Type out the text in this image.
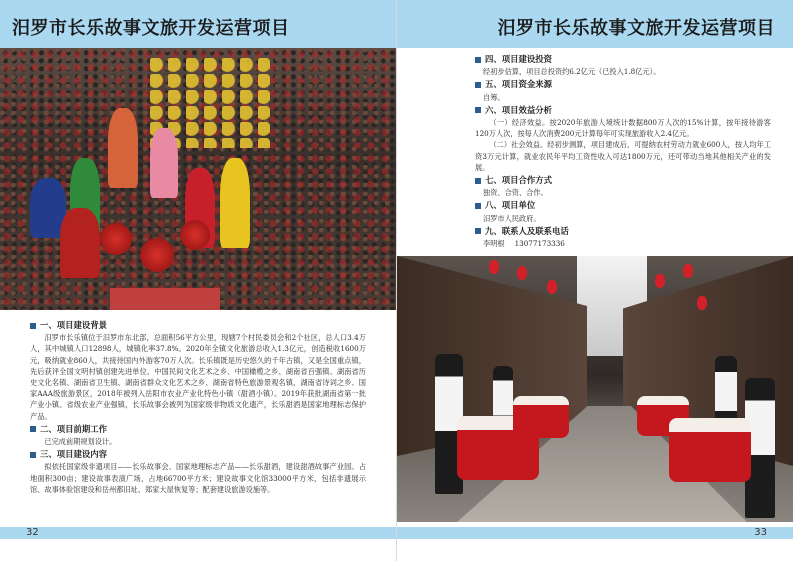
汨罗市长乐故事文旅开发运营项目
一、项目建设背景

汨罗市长乐镇位于汨罗市东北部，总面积56平方公里，现辖7个村民委员会和2个社区，总人口3.4万人，其中城镇人口12898人，城镇化率37.8%。2020年全镇文化旅游总收入1.3亿元，创造税收1600万元，吸纳就业860人，共接待国内外游客70万人次。长乐镇既是历史悠久的千年古镇，又是全国重点镇，先后获评全国文明村镇创建先进单位、中国民间文化艺术之乡、中国橄榄之乡、湖南省百强镇、湖南省历史文化名镇、湖南省卫生镇、湖南省群众文化艺术之乡、湖南省特色旅游景观名镇、湖南省诗词之乡、国家AAA级旅游景区，2018年被列入岳阳市农业产业化特色小镇（甜酒小镇）。2019年获批湖南省第一批产业小镇、省级农业产业强镇，长乐故事会被列为国家级非物质文化遗产，长乐甜酒是国家地理标志保护产品。

二、项目前期工作

已完成前期规划设计。

三、项目建设内容

拟依托国家级非遗项目——长乐故事会、国家地理标志产品——长乐甜酒，建设甜酒故事产业园。占地面积300亩；建设故事表演广场，占地66700平方米；建设故事文化馆33000平方米，包括非遗展示馆、故事体验馆建设和岳州都旧址、郑家大屋恢复等；配套建设旅游设施等。

32
汨罗市长乐故事文旅开发运营项目
四、项目建设投资

经初步估算，项目总投资约6.2亿元（已投入1.8亿元）。

五、项目资金来源

自筹。

六、项目效益分析

（一）经济效益。按2020年旅游人境统计数据800万人次的15%计算，按年接待游客120万人次，按每人次消费200元计算每年可实现旅游收入2.4亿元。

（二）社会效益。经初步测算，项目建成后，可提纳农村劳动力就业600人，按人均年工资3万元计算，就业农民年平均工资性收入可达1800万元，还可带动当地其他相关产业的发展。

七、项目合作方式

独资、合资、合作。

八、项目单位

汨罗市人民政府。

九、联系人及联系电话

李明根 13077173336

33
